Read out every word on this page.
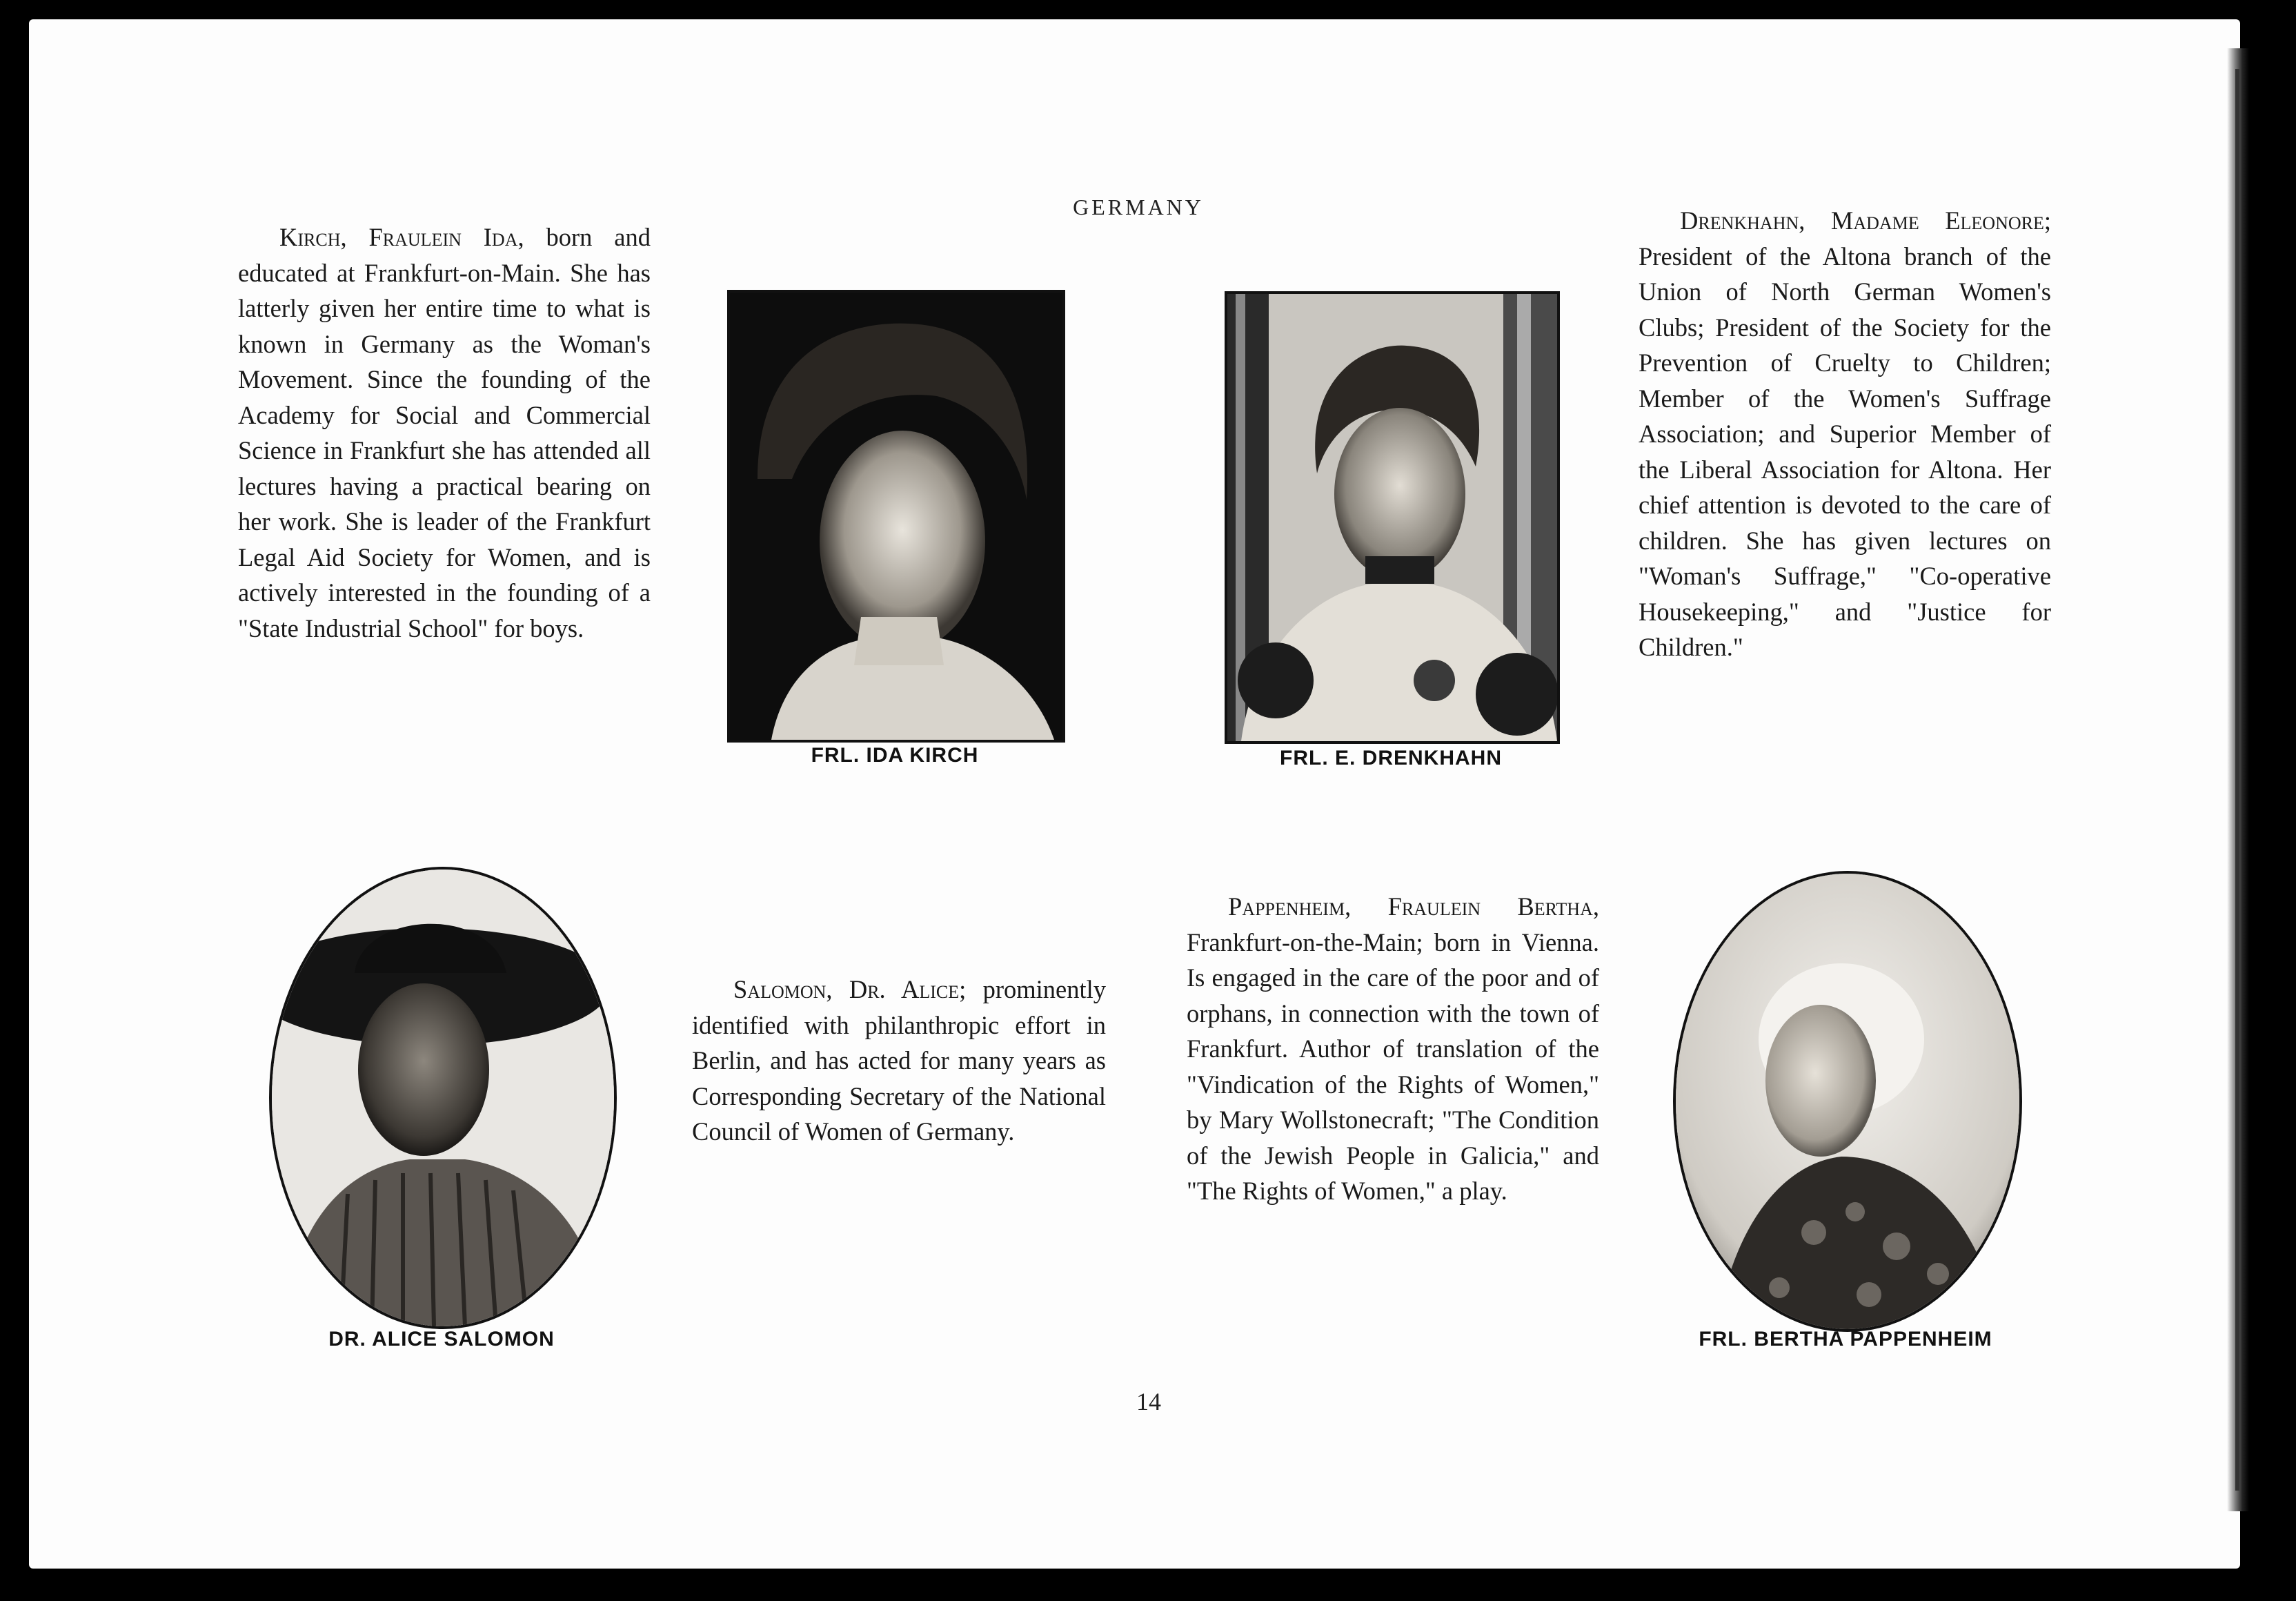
GERMANY
Kirch, Fraulein Ida, born and educated at Frankfurt-on-Main. She has latterly given her entire time to what is known in Germany as the Woman's Movement. Since the founding of the Academy for Social and Commercial Science in Frankfurt she has attended all lectures having a practical bearing on her work. She is leader of the Frankfurt Legal Aid Society for Women, and is actively interested in the founding of a "State Industrial School" for boys.
FRL. IDA KIRCH	FRL. E. DRENKHAHN
Drenkhahn, Madame Eleonore; President of the Altona branch of the Union of North German Women's Clubs; President of the Society for the Prevention of Cruelty to Children; Member of the Women's Suffrage Association; and Superior Member of the Liberal Association for Altona. Her chief attention is devoted to the care of children. She has given lectures on "Woman's Suffrage," "Co-operative Housekeeping," and "Justice for Children."
DR. ALICE SALOMON
Salomon, Dr. Alice; prominently identified with philanthropic effort in Berlin, and has acted for many years as Corresponding Secretary of the National Council of Women of Germany.
Pappenheim, Fraulein Bertha, Frankfurt-on-the-Main; born in Vienna. Is engaged in the care of the poor and of orphans, in connection with the town of Frankfurt. Author of translation of the "Vindication of the Rights of Women," by Mary Wollstonecraft; "The Condition of the Jewish People in Galicia," and "The Rights of Women," a play.
FRL. BERTHA PAPPENHEIM
14
